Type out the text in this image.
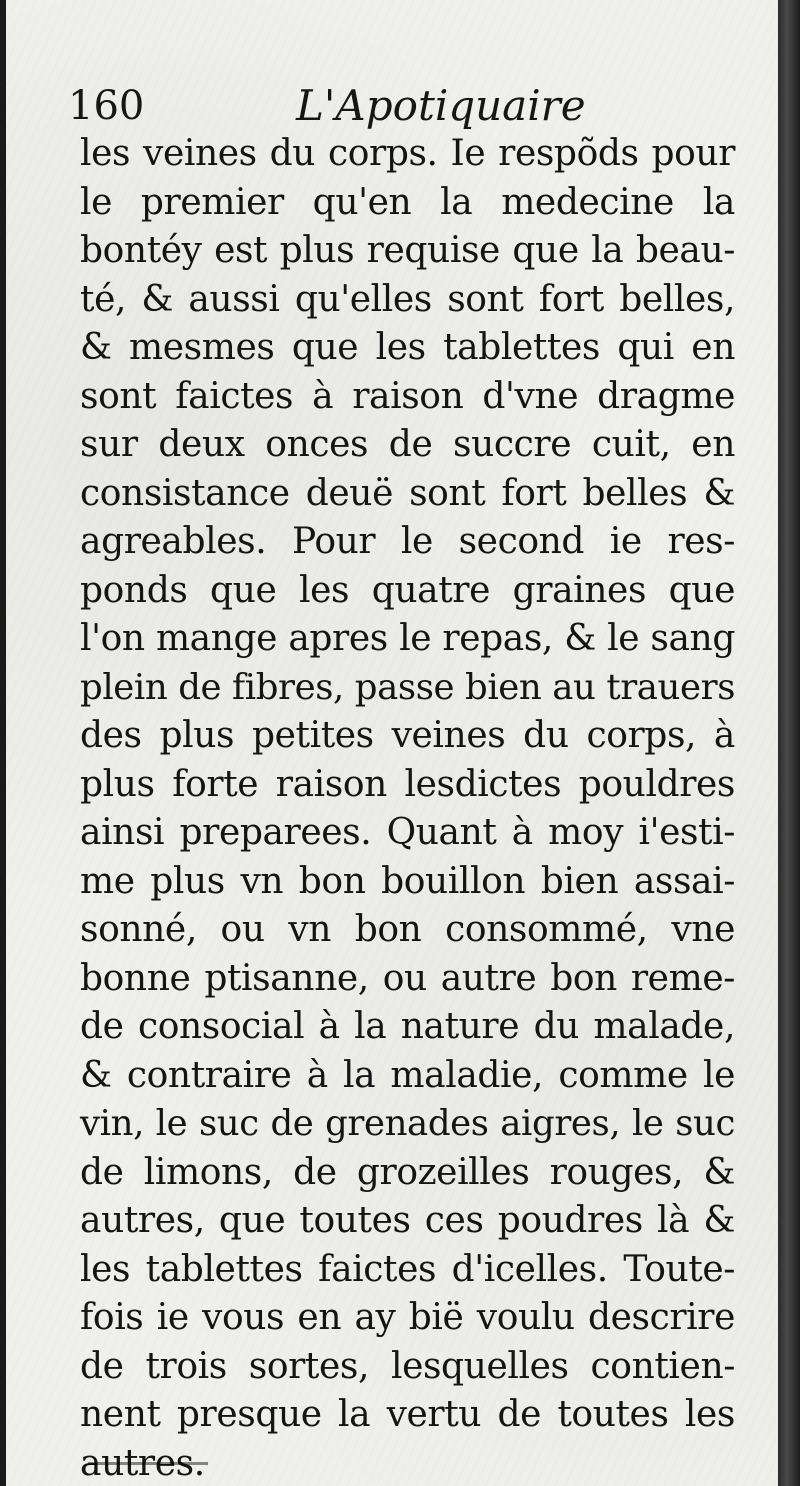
160	L'Apotiquaire
les veines du corps. Ie respõds pour
le premier qu'en la medecine la
bontéy est plus requise que la beau-
té, & aussi qu'elles sont fort belles,
& mesmes que les tablettes qui en
sont faictes à raison d'vne dragme
sur deux onces de succre cuit, en
consistance deuë sont fort belles &
agreables. Pour le second ie res-
ponds que les quatre graines que
l'on mange apres le repas, & le sang
plein de fibres, passe bien au trauers
des plus petites veines du corps, à
plus forte raison lesdictes pouldres
ainsi preparees. Quant à moy i'esti-
me plus vn bon bouillon bien assai-
sonné, ou vn bon consommé, vne
bonne ptisanne, ou autre bon reme-
de consocial à la nature du malade,
& contraire à la maladie, comme le
vin, le suc de grenades aigres, le suc
de limons, de grozeilles rouges, &
autres, que toutes ces poudres là &
les tablettes faictes d'icelles. Toute-
fois ie vous en ay bië voulu descrire
de trois sortes, lesquelles contien-
nent presque la vertu de toutes les
autres.
